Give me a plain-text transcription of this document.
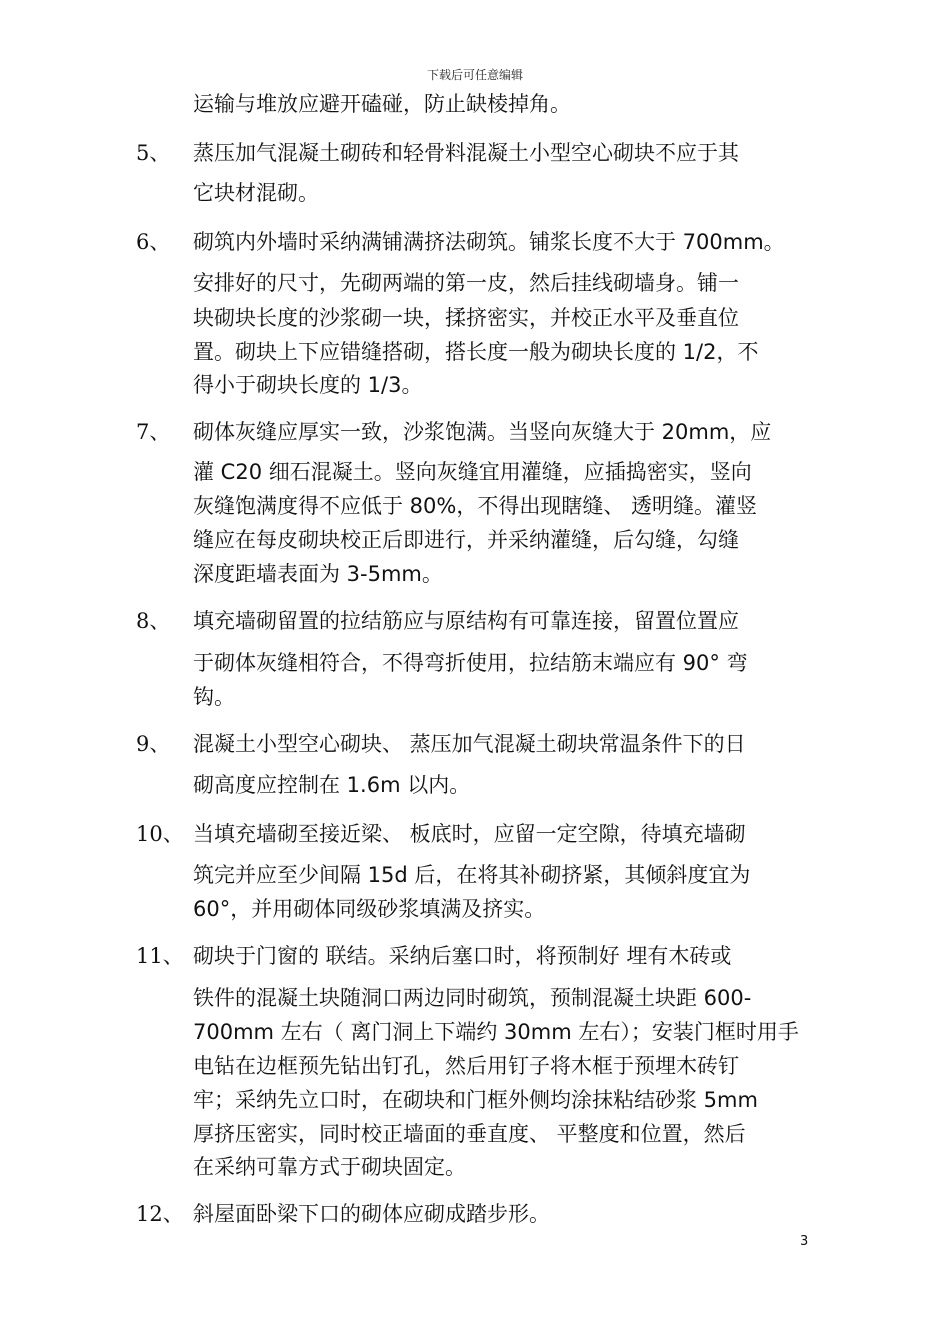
下载后可任意编辑
运输与堆放应避开磕碰，防止缺棱掉角。
5、	蒸压加气混凝土砌砖和轻骨料混凝土小型空心砌块不应于其
它块材混砌。
6、	砌筑内外墙时采纳满铺满挤法砌筑。铺浆长度不大于 700mm。
安排好的尺寸，先砌两端的第一皮，然后挂线砌墙身。铺一
块砌块长度的沙浆砌一块，揉挤密实，并校正水平及垂直位
置。砌块上下应错缝搭砌，搭长度一般为砌块长度的 1/2，不
得小于砌块长度的 1/3。
7、	砌体灰缝应厚实一致，沙浆饱满。当竖向灰缝大于 20mm，应
灌 C20 细石混凝土。竖向灰缝宜用灌缝，应插捣密实，竖向
灰缝饱满度得不应低于 80%，不得出现瞎缝、 透明缝。灌竖
缝应在每皮砌块校正后即进行，并采纳灌缝，后勾缝，勾缝
深度距墙表面为 3-5mm。
8、	填充墙砌留置的拉结筋应与原结构有可靠连接，留置位置应
于砌体灰缝相符合，不得弯折使用，拉结筋末端应有 90° 弯
钩。
9、	混凝土小型空心砌块、 蒸压加气混凝土砌块常温条件下的日
砌高度应控制在 1.6m 以内。
10、 当填充墙砌至接近梁、 板底时，应留一定空隙，待填充墙砌
筑完并应至少间隔 15d 后，在将其补砌挤紧，其倾斜度宜为
60°，并用砌体同级砂浆填满及挤实。
11、 砌块于门窗的 联结。采纳后塞口时，将预制好 埋有木砖或
铁件的混凝土块随洞口两边同时砌筑，预制混凝土块距 600-
700mm 左右（ 离门洞上下端约 30mm 左右）；安装门框时用手
电钻在边框预先钻出钉孔，然后用钉子将木框于预埋木砖钉
牢；采纳先立口时，在砌块和门框外侧均涂抹粘结砂浆 5mm
厚挤压密实，同时校正墙面的垂直度、 平整度和位置，然后
在采纳可靠方式于砌块固定。
12、 斜屋面卧梁下口的砌体应砌成踏步形。
3
